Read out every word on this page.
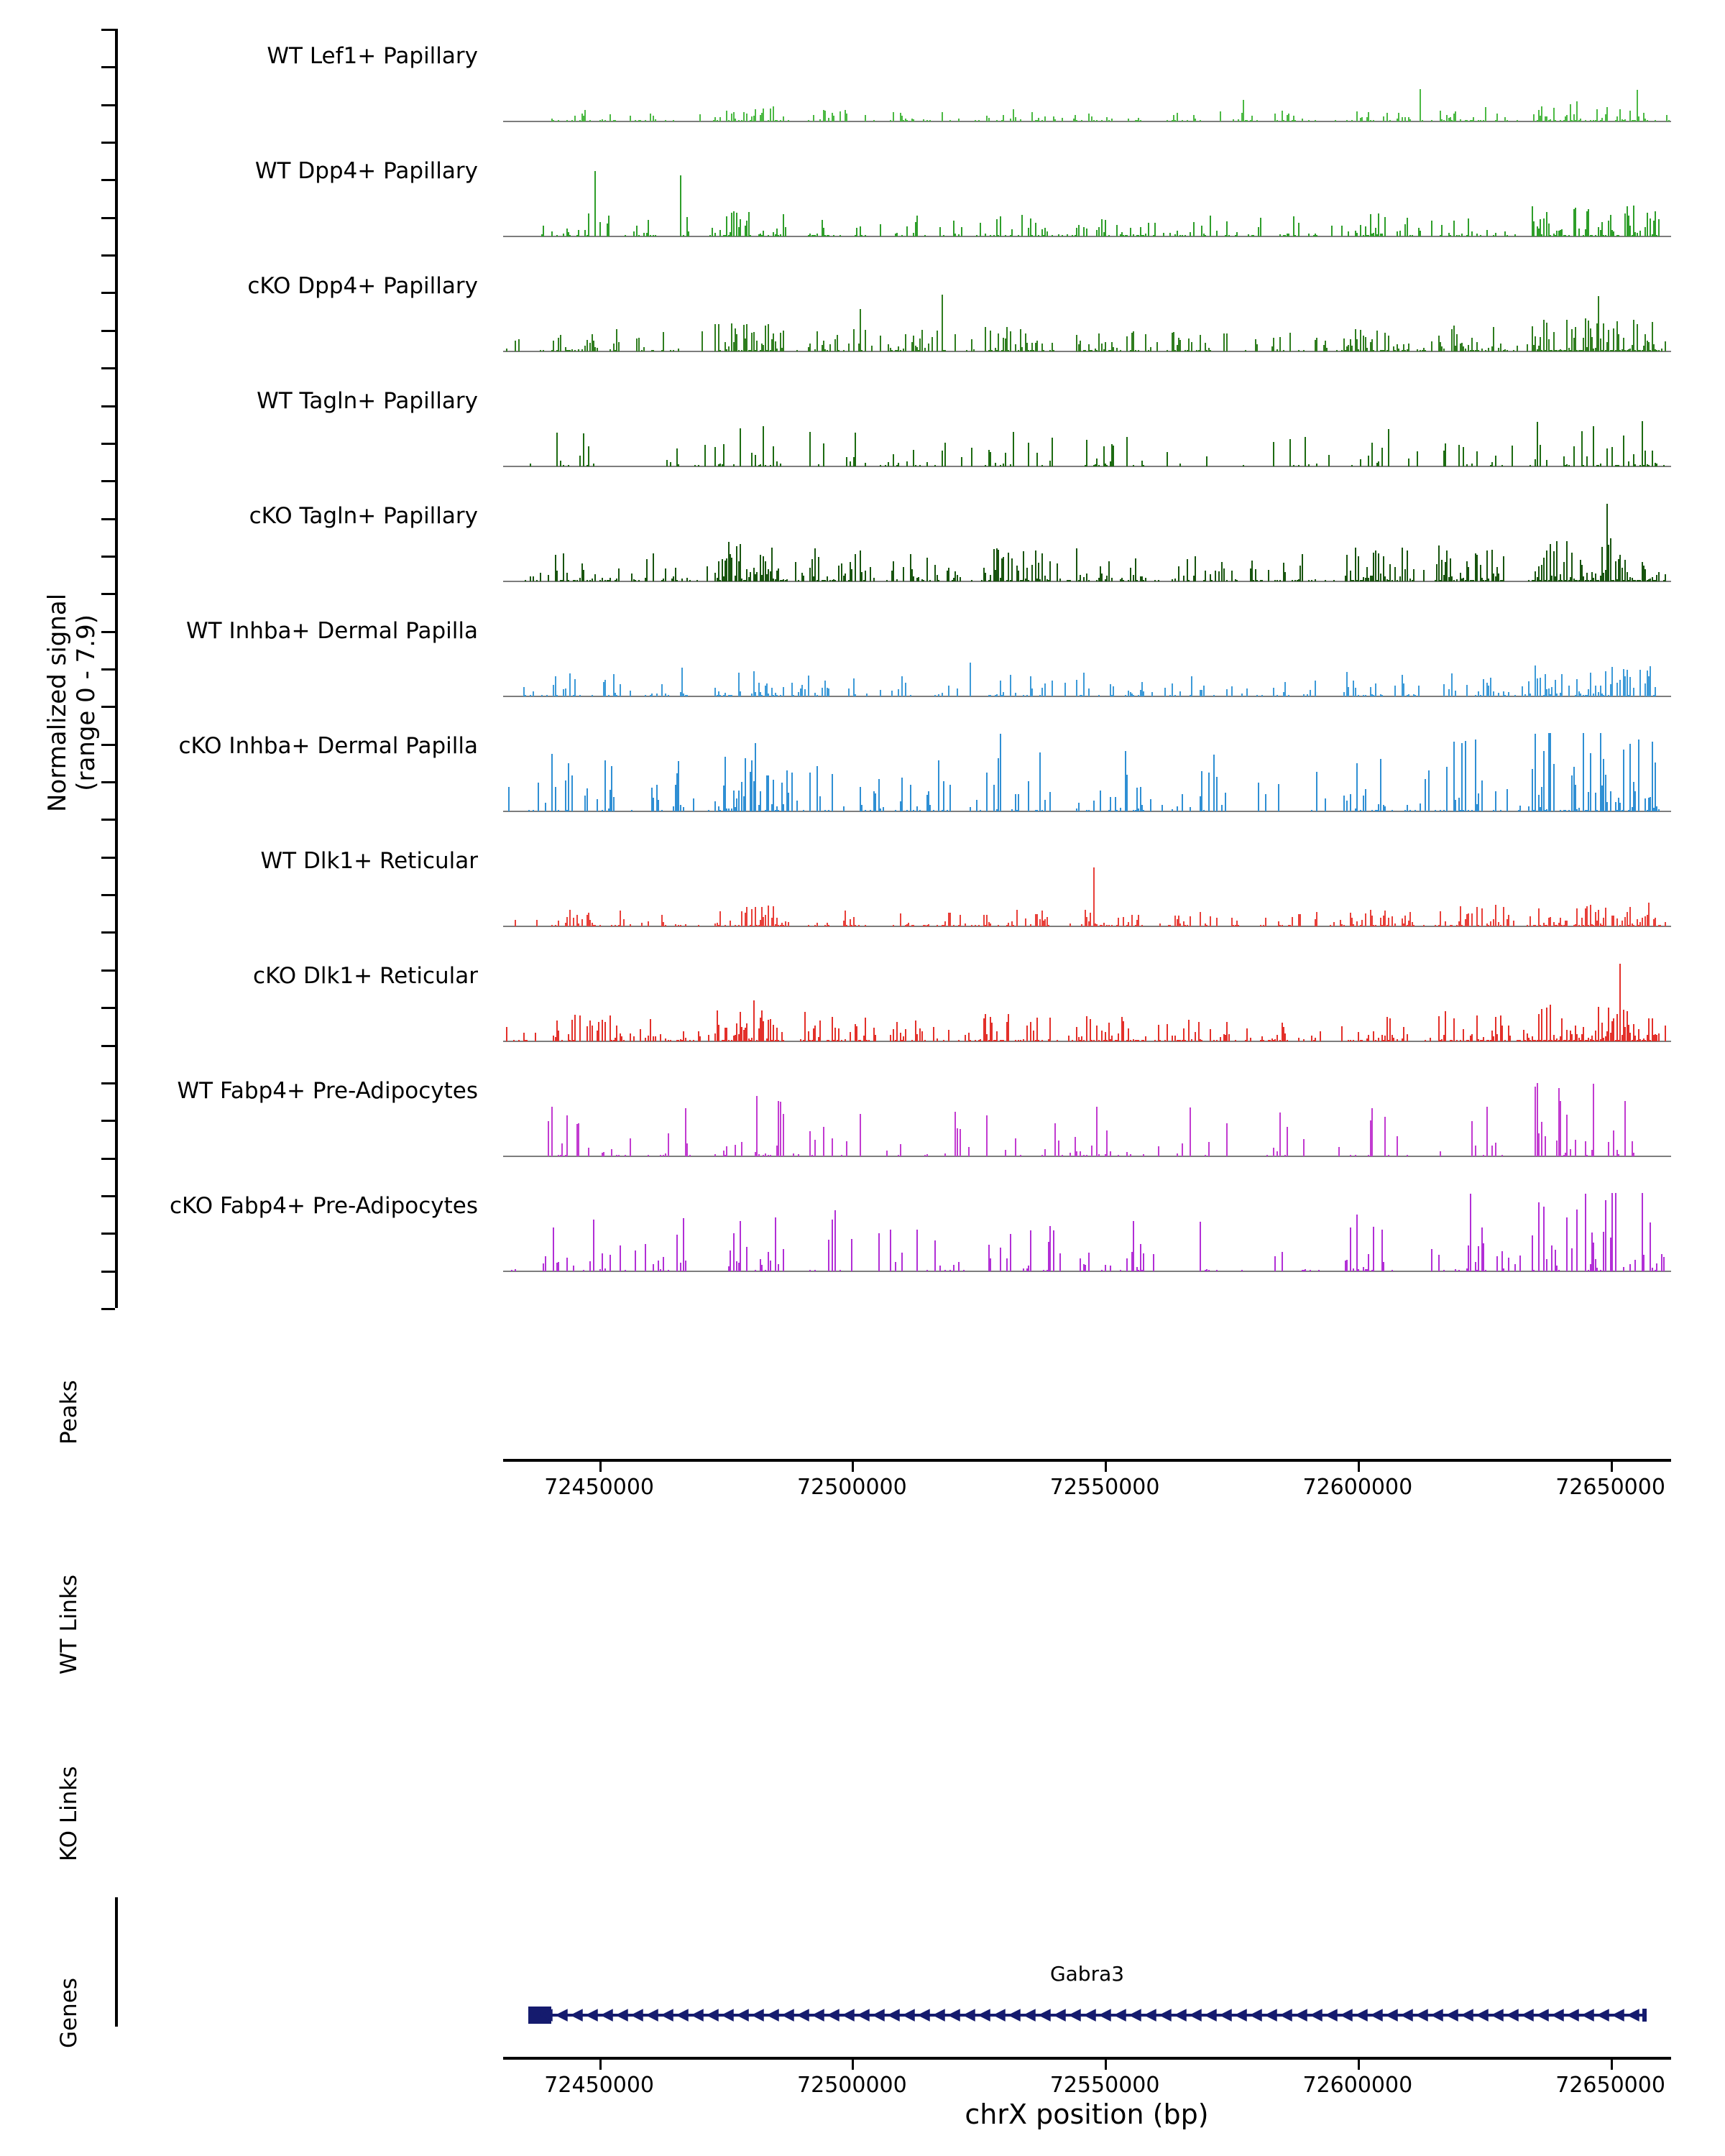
Normalized signal (range 0 - 7.9)
Peaks
WT Links
KO Links
Genes
WT Lef1+ Papillary
WT Dpp4+ Papillary
cKO Dpp4+ Papillary
WT Tagln+ Papillary
cKO Tagln+ Papillary
WT Inhba+ Dermal Papilla
cKO Inhba+ Dermal Papilla
WT Dlk1+ Reticular
cKO Dlk1+ Reticular
WT Fabp4+ Pre-Adipocytes
cKO Fabp4+ Pre-Adipocytes
72450000	72500000	72550000	72600000	72650000
Gabra3
◀ ◀ ◀ ◀ ◀ ◀ ◀ ◀ ◀ ◀ ◀ ◀ ◀ ◀ ◀ ◀ ◀ ◀ ◀ ◀ ◀ ◀ ◀ ◀ ◀ ◀ ◀ ◀ ◀ ◀ ◀ ◀ ◀ ◀ ◀ ◀ ◀ ◀ ◀ ◀ ◀ ◀ ◀ ◀ ◀ ◀ ◀ ◀ ◀ ◀ ◀ ◀ ◀ ◀ ◀ ◀ ◀ ◀ ◀ ◀ ◀ ◀ ◀ ◀ ◀ ◀ ◀ ◀ ◀ ◀ ◀ ◀ ◀
72450000	72500000	72550000	72600000	72650000
chrX position (bp)
